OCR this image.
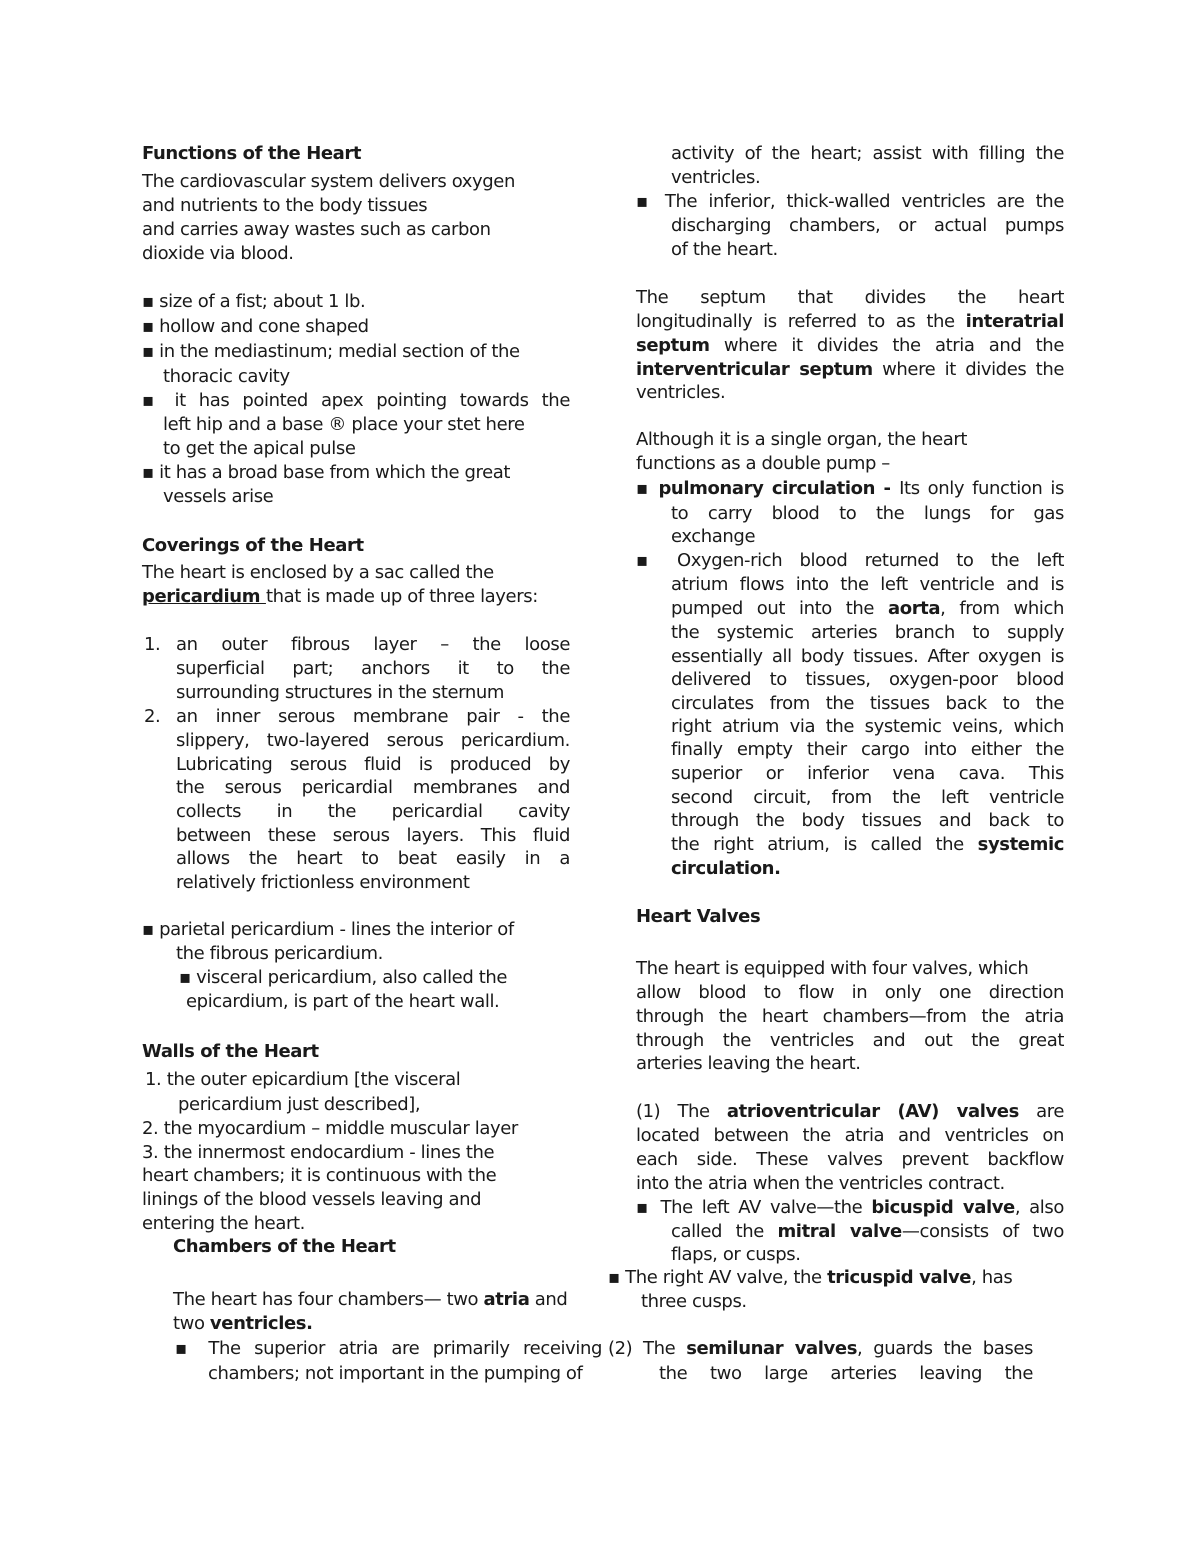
Functions of the Heart
The cardiovascular system delivers oxygen
and nutrients to the body tissues
and carries away wastes such as carbon
dioxide via blood.
▪ size of a fist; about 1 lb.
▪ hollow and cone shaped
▪ in the mediastinum; medial section of the
thoracic cavity
▪ it has pointed apex pointing towards the
left hip and a base ® place your stet here
to get the apical pulse
▪ it has a broad base from which the great
vessels arise
Coverings of the Heart
The heart is enclosed by a sac called the
pericardium that is made up of three layers:
1. an outer fibrous layer – the loose
superficial part; anchors it to the
surrounding structures in the sternum
2. an inner serous membrane pair - the
slippery, two-layered serous pericardium.
Lubricating serous fluid is produced by
the serous pericardial membranes and
collects in the pericardial cavity
between these serous layers. This fluid
allows the heart to beat easily in a
relatively frictionless environment
▪ parietal pericardium - lines the interior of
the fibrous pericardium.
▪ visceral pericardium, also called the
epicardium, is part of the heart wall.
Walls of the Heart
1. the outer epicardium [the visceral
pericardium just described],
2. the myocardium – middle muscular layer
3. the innermost endocardium - lines the
heart chambers; it is continuous with the
linings of the blood vessels leaving and
entering the heart.
Chambers of the Heart
The heart has four chambers— two atria and
two ventricles.
▪ The superior atria are primarily receiving
chambers; not important in the pumping of
activity of the heart; assist with filling the
ventricles.
▪ The inferior, thick-walled ventricles are the
discharging chambers, or actual pumps
of the heart.
The septum that divides the heart
longitudinally is referred to as the interatrial
septum where it divides the atria and the
interventricular septum where it divides the
ventricles.
Although it is a single organ, the heart
functions as a double pump –
▪ pulmonary circulation - Its only function is
to carry blood to the lungs for gas
exchange
▪ Oxygen-rich blood returned to the left
atrium flows into the left ventricle and is
pumped out into the aorta, from which
the systemic arteries branch to supply
essentially all body tissues. After oxygen is
delivered to tissues, oxygen-poor blood
circulates from the tissues back to the
right atrium via the systemic veins, which
finally empty their cargo into either the
superior or inferior vena cava. This
second circuit, from the left ventricle
through the body tissues and back to
the right atrium, is called the systemic
circulation.
Heart Valves
The heart is equipped with four valves, which
allow blood to flow in only one direction
through the heart chambers—from the atria
through the ventricles and out the great
arteries leaving the heart.
(1) The atrioventricular (AV) valves are
located between the atria and ventricles on
each side. These valves prevent backflow
into the atria when the ventricles contract.
▪ The left AV valve—the bicuspid valve, also
called the mitral valve—consists of two
flaps, or cusps.
▪ The right AV valve, the tricuspid valve, has
three cusps.
(2) The semilunar valves, guards the bases
the two large arteries leaving the
